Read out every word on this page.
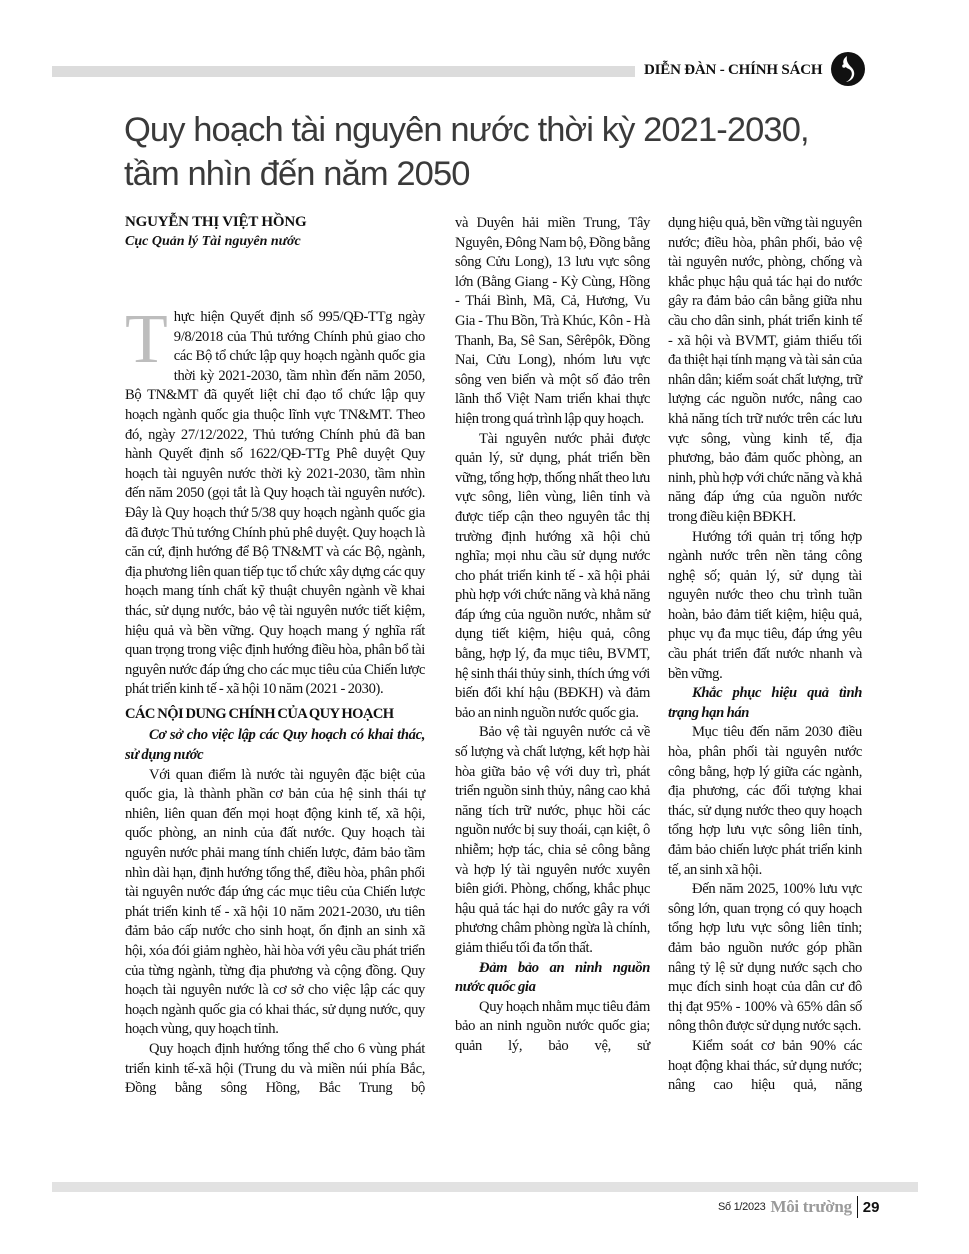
DIỄN ĐÀN - CHÍNH SÁCH
Quy hoạch tài nguyên nước thời kỳ 2021-2030,
tầm nhìn đến năm 2050
NGUYỄN THỊ VIỆT HỒNG
Cục Quản lý Tài nguyên nước

Thực hiện Quyết định số 995/QĐ-TTg ngày 9/8/2018 của Thủ tướng Chính phủ giao cho các Bộ tổ chức lập quy hoạch ngành quốc gia thời kỳ 2021-2030, tầm nhìn đến năm 2050, Bộ TN&MT đã quyết liệt chỉ đạo tổ chức lập quy hoạch ngành quốc gia thuộc lĩnh vực TN&MT. Theo đó, ngày 27/12/2022, Thủ tướng Chính phủ đã ban hành Quyết định số 1622/QĐ-TTg Phê duyệt Quy hoạch tài nguyên nước thời kỳ 2021-2030, tầm nhìn đến năm 2050 (gọi tắt là Quy hoạch tài nguyên nước). Đây là Quy hoạch thứ 5/38 quy hoạch ngành quốc gia đã được Thủ tướng Chính phủ phê duyệt. Quy hoạch là căn cứ, định hướng để Bộ TN&MT và các Bộ, ngành, địa phương liên quan tiếp tục tổ chức xây dựng các quy hoạch mang tính chất kỹ thuật chuyên ngành về khai thác, sử dụng nước, bảo vệ tài nguyên nước tiết kiệm, hiệu quả và bền vững. Quy hoạch mang ý nghĩa rất quan trọng trong việc định hướng điều hòa, phân bổ tài nguyên nước đáp ứng cho các mục tiêu của Chiến lược phát triển kinh tế - xã hội 10 năm (2021 - 2030).

CÁC NỘI DUNG CHÍNH CỦA QUY HOẠCH

Cơ sở cho việc lập các Quy hoạch có khai thác, sử dụng nước

Với quan điểm là nước tài nguyên đặc biệt của quốc gia, là thành phần cơ bản của hệ sinh thái tự nhiên, liên quan đến mọi hoạt động kinh tế, xã hội, quốc phòng, an ninh của đất nước. Quy hoạch tài nguyên nước phải mang tính chiến lược, đảm bảo tầm nhìn dài hạn, định hướng tổng thể, điều hòa, phân phối tài nguyên nước đáp ứng các mục tiêu của Chiến lược phát triển kinh tế - xã hội 10 năm 2021-2030, ưu tiên đảm bảo cấp nước cho sinh hoạt, ổn định an sinh xã hội, xóa đói giảm nghèo, hài hòa với yêu cầu phát triển của từng ngành, từng địa phương và cộng đồng. Quy hoạch tài nguyên nước là cơ sở cho việc lập các quy hoạch ngành quốc gia có khai thác, sử dụng nước, quy hoạch vùng, quy hoạch tỉnh.

Quy hoạch định hướng tổng thể cho 6 vùng phát triển kinh tế-xã hội (Trung du và miền núi phía Bắc, Đồng bằng sông Hồng, Bắc Trung bộ

và Duyên hải miền Trung, Tây Nguyên, Đông Nam bộ, Đồng bằng sông Cửu Long), 13 lưu vực sông lớn (Bằng Giang - Kỳ Cùng, Hồng - Thái Bình, Mã, Cả, Hương, Vu Gia - Thu Bồn, Trà Khúc, Kôn - Hà Thanh, Ba, Sê San, Sêrêpôk, Đồng Nai, Cửu Long), nhóm lưu vực sông ven biển và một số đảo trên lãnh thổ Việt Nam triển khai thực hiện trong quá trình lập quy hoạch.

Tài nguyên nước phải được quản lý, sử dụng, phát triển bền vững, tổng hợp, thống nhất theo lưu vực sông, liên vùng, liên tỉnh và được tiếp cận theo nguyên tắc thị trường định hướng xã hội chủ nghĩa; mọi nhu cầu sử dụng nước cho phát triển kinh tế - xã hội phải phù hợp với chức năng và khả năng đáp ứng của nguồn nước, nhằm sử dụng tiết kiệm, hiệu quả, công bằng, hợp lý, đa mục tiêu, BVMT, hệ sinh thái thủy sinh, thích ứng với biến đổi khí hậu (BĐKH) và đảm bảo an ninh nguồn nước quốc gia.

Bảo vệ tài nguyên nước cả về số lượng và chất lượng, kết hợp hài hòa giữa bảo vệ với duy trì, phát triển nguồn sinh thủy, nâng cao khả năng tích trữ nước, phục hồi các nguồn nước bị suy thoái, cạn kiệt, ô nhiễm; hợp tác, chia sẻ công bằng và hợp lý tài nguyên nước xuyên biên giới. Phòng, chống, khắc phục hậu quả tác hại do nước gây ra với phương châm phòng ngừa là chính, giảm thiểu tối đa tổn thất.

Đảm bảo an ninh nguồn nước quốc gia

Quy hoạch nhằm mục tiêu đảm bảo an ninh nguồn nước quốc gia; quản lý, bảo vệ, sử

dụng hiệu quả, bền vững tài nguyên nước; điều hòa, phân phối, bảo vệ tài nguyên nước, phòng, chống và khắc phục hậu quả tác hại do nước gây ra đảm bảo cân bằng giữa nhu cầu cho dân sinh, phát triển kinh tế - xã hội và BVMT, giảm thiểu tối đa thiệt hại tính mạng và tài sản của nhân dân; kiểm soát chất lượng, trữ lượng các nguồn nước, nâng cao khả năng tích trữ nước trên các lưu vực sông, vùng kinh tế, địa phương, bảo đảm quốc phòng, an ninh, phù hợp với chức năng và khả năng đáp ứng của nguồn nước trong điều kiện BĐKH.

Hướng tới quản trị tổng hợp ngành nước trên nền tảng công nghệ số; quản lý, sử dụng tài nguyên nước theo chu trình tuần hoàn, bảo đảm tiết kiệm, hiệu quả, phục vụ đa mục tiêu, đáp ứng yêu cầu phát triển đất nước nhanh và bền vững.

Khắc phục hiệu quả tình trạng hạn hán

Mục tiêu đến năm 2030 điều hòa, phân phối tài nguyên nước công bằng, hợp lý giữa các ngành, địa phương, các đối tượng khai thác, sử dụng nước theo quy hoạch tổng hợp lưu vực sông liên tỉnh, đảm bảo chiến lược phát triển kinh tế, an sinh xã hội.

Đến năm 2025, 100% lưu vực sông lớn, quan trọng có quy hoạch tổng hợp lưu vực sông liên tỉnh; đảm bảo nguồn nước góp phần nâng tỷ lệ sử dụng nước sạch cho mục đích sinh hoạt của dân cư đô thị đạt 95% - 100% và 65% dân số nông thôn được sử dụng nước sạch.

Kiểm soát cơ bản 90% các hoạt động khai thác, sử dụng nước; nâng cao hiệu quả, năng

Số 1/2023 Môi trường 29
